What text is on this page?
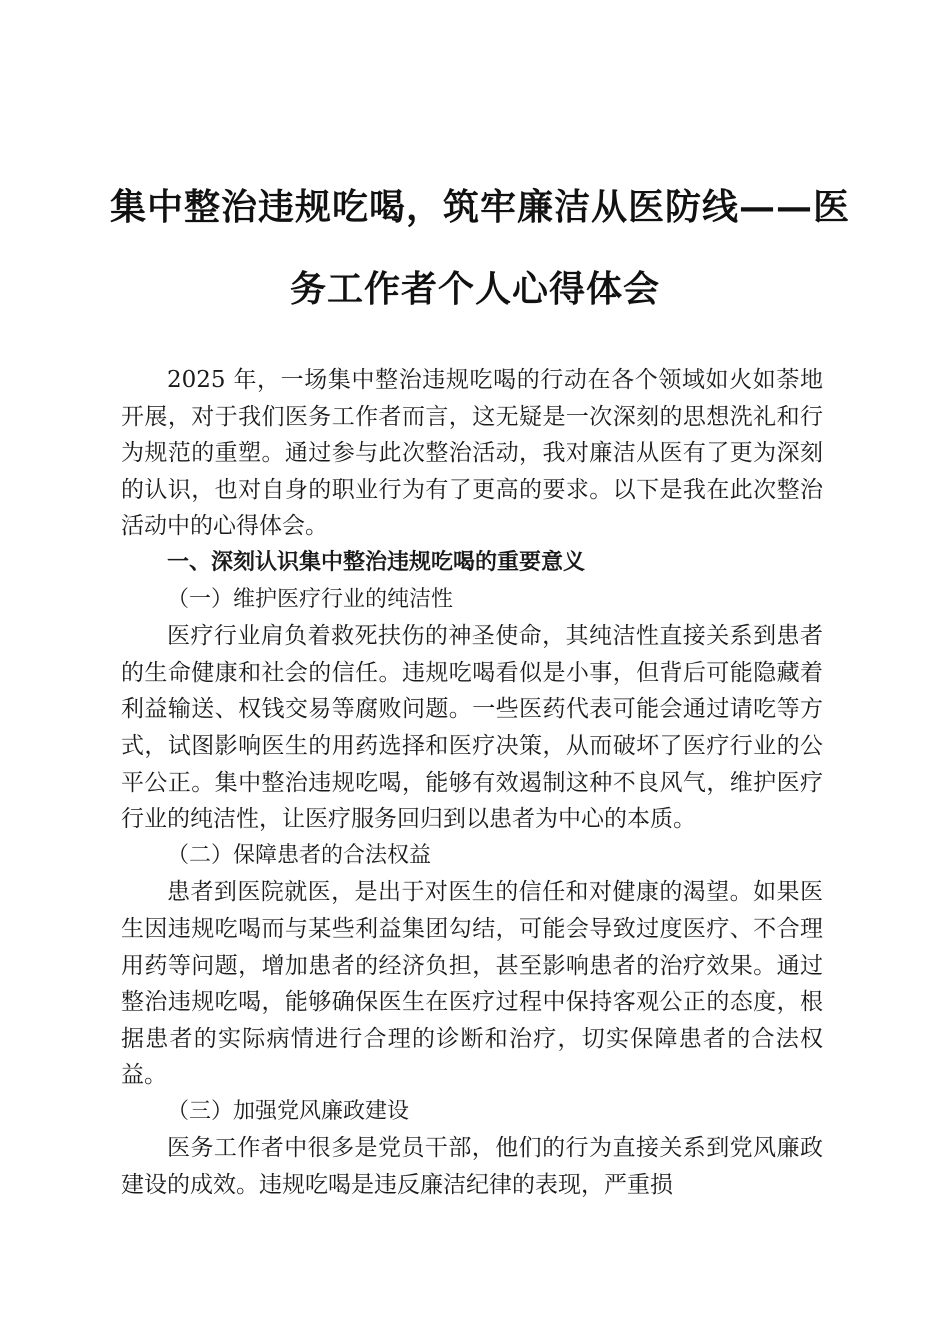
集中整治违规吃喝，筑牢廉洁从医防线——医
务工作者个人心得体会

2025 年，一场集中整治违规吃喝的行动在各个领域如火如荼地开展，对于我们医务工作者而言，这无疑是一次深刻的思想洗礼和行为规范的重塑。通过参与此次整治活动，我对廉洁从医有了更为深刻的认识，也对自身的职业行为有了更高的要求。以下是我在此次整治活动中的心得体会。

一、深刻认识集中整治违规吃喝的重要意义

（一）维护医疗行业的纯洁性

医疗行业肩负着救死扶伤的神圣使命，其纯洁性直接关系到患者的生命健康和社会的信任。违规吃喝看似是小事，但背后可能隐藏着利益输送、权钱交易等腐败问题。一些医药代表可能会通过请吃等方式，试图影响医生的用药选择和医疗决策，从而破坏了医疗行业的公平公正。集中整治违规吃喝，能够有效遏制这种不良风气，维护医疗行业的纯洁性，让医疗服务回归到以患者为中心的本质。

（二）保障患者的合法权益

患者到医院就医，是出于对医生的信任和对健康的渴望。如果医生因违规吃喝而与某些利益集团勾结，可能会导致过度医疗、不合理用药等问题，增加患者的经济负担，甚至影响患者的治疗效果。通过整治违规吃喝，能够确保医生在医疗过程中保持客观公正的态度，根据患者的实际病情进行合理的诊断和治疗，切实保障患者的合法权益。

（三）加强党风廉政建设

医务工作者中很多是党员干部，他们的行为直接关系到党风廉政建设的成效。违规吃喝是违反廉洁纪律的表现，严重损
